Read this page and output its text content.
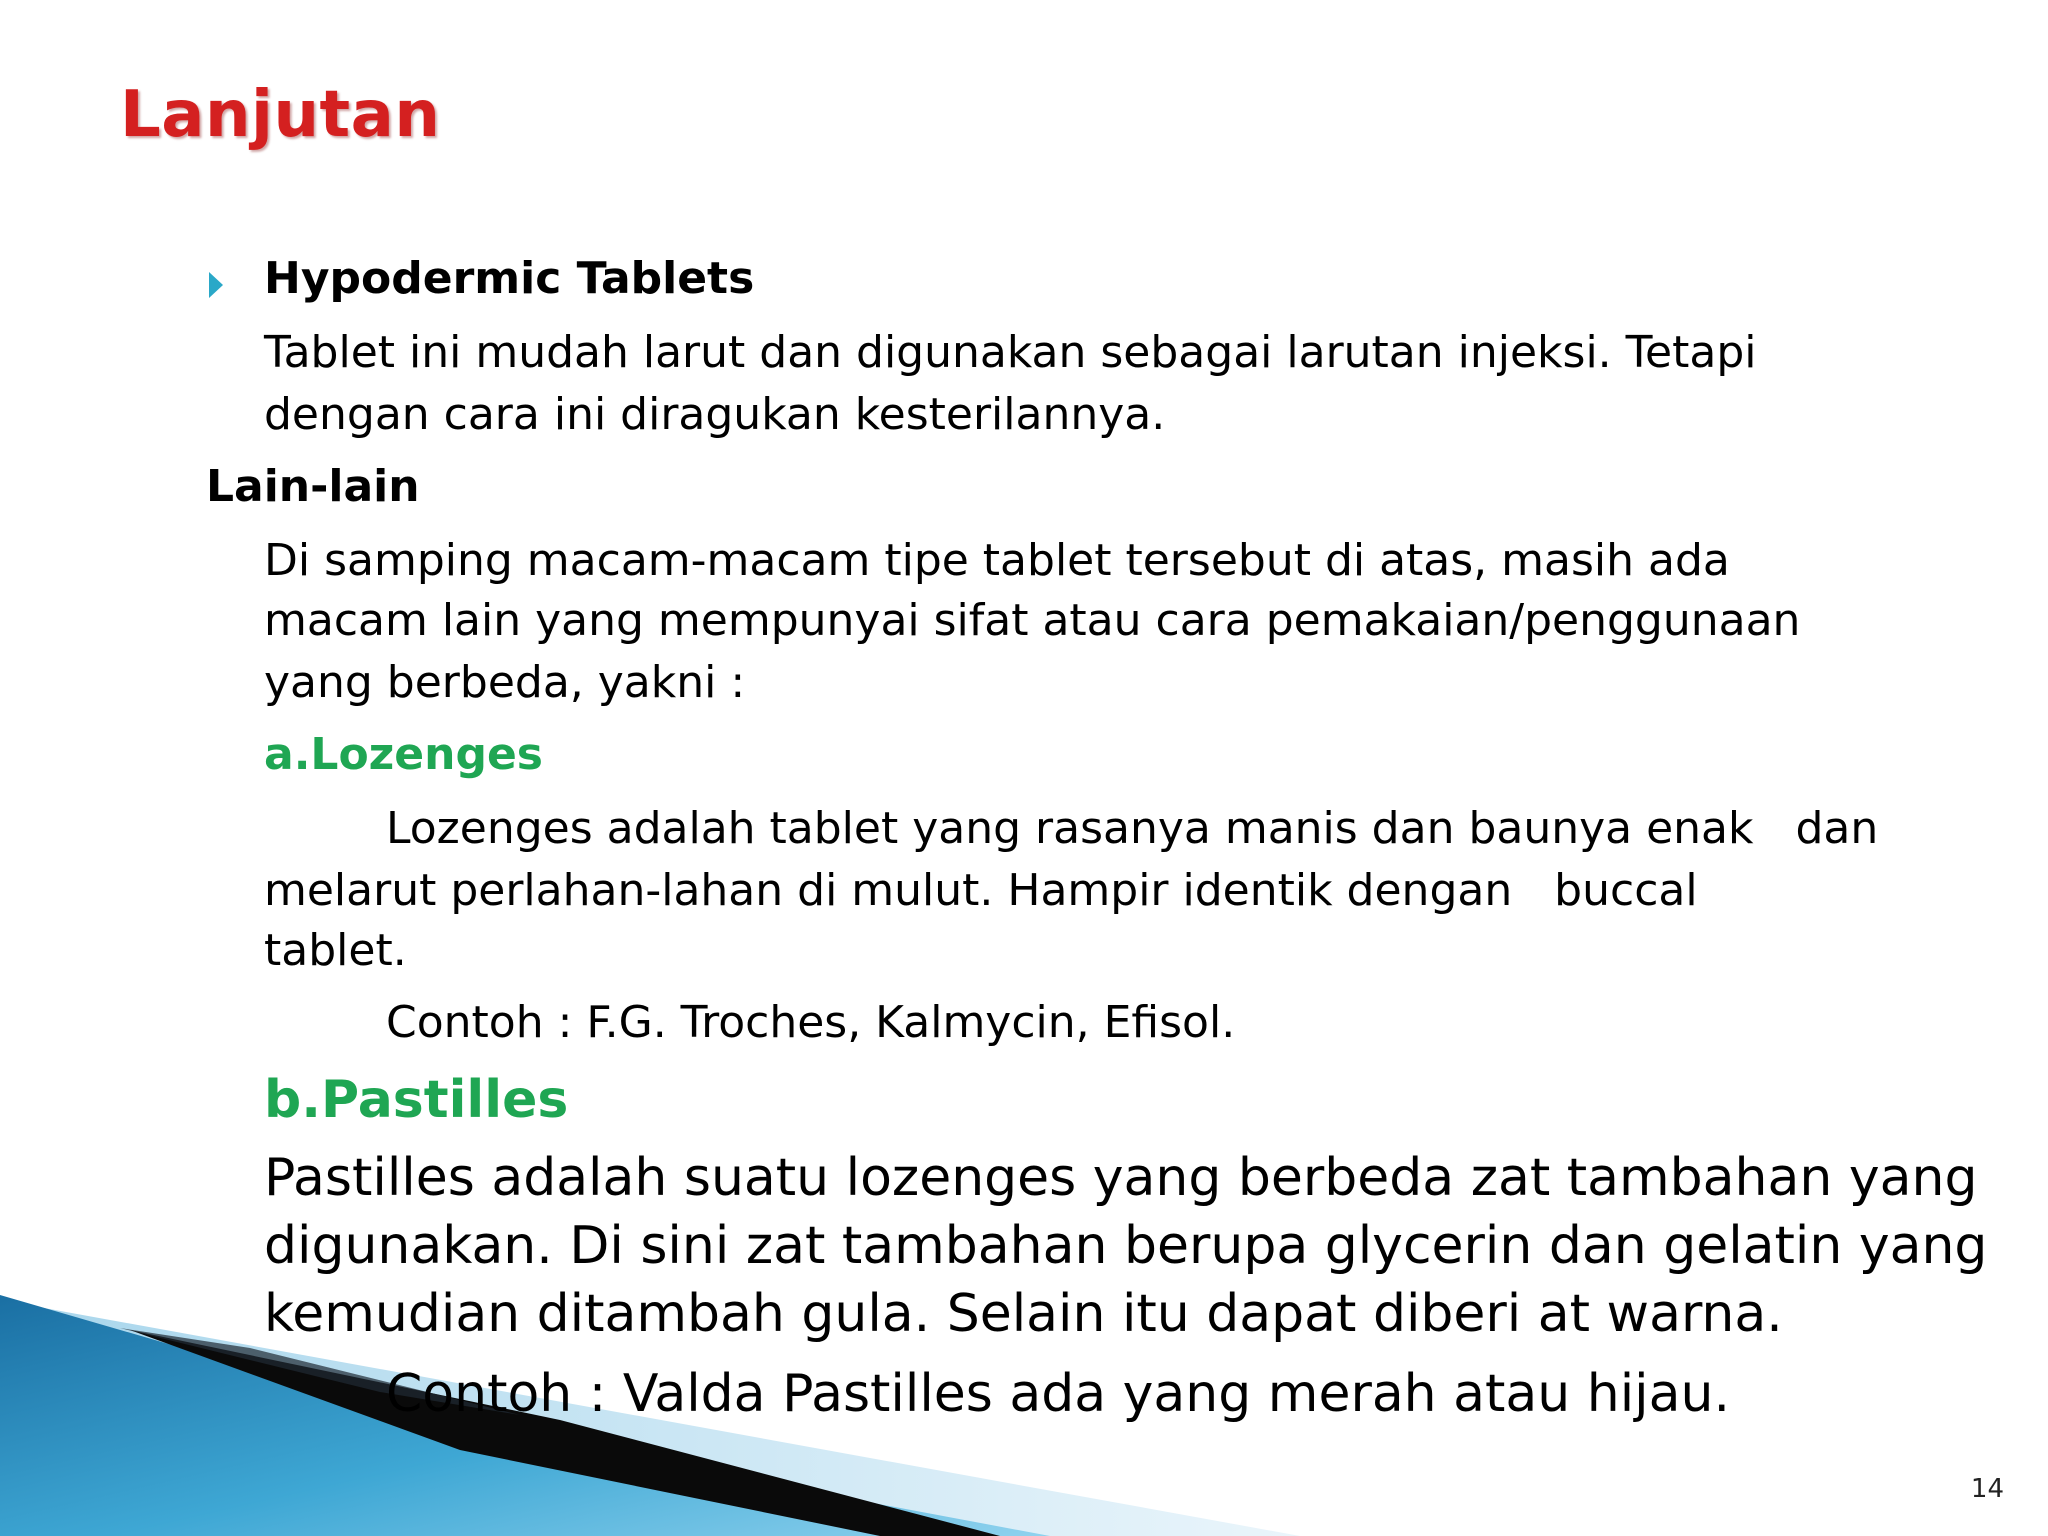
Lanjutan

Hypodermic Tablets

Tablet ini mudah larut dan digunakan sebagai larutan injeksi. Tetapi

dengan cara ini diragukan kesterilannya.

Lain-lain

Di samping macam-macam tipe tablet tersebut di atas, masih ada

macam lain yang mempunyai sifat atau cara pemakaian/penggunaan

yang berbeda, yakni :

a.Lozenges

Lozenges adalah tablet yang rasanya manis dan baunya enak   dan

melarut perlahan-lahan di mulut. Hampir identik dengan   buccal

tablet.

Contoh : F.G. Troches, Kalmycin, Efisol.

b.Pastilles

Pastilles adalah suatu lozenges yang berbeda zat tambahan yang

digunakan. Di sini zat tambahan berupa glycerin dan gelatin yang

kemudian ditambah gula. Selain itu dapat diberi at warna.

Contoh : Valda Pastilles ada yang merah atau hijau.

14
